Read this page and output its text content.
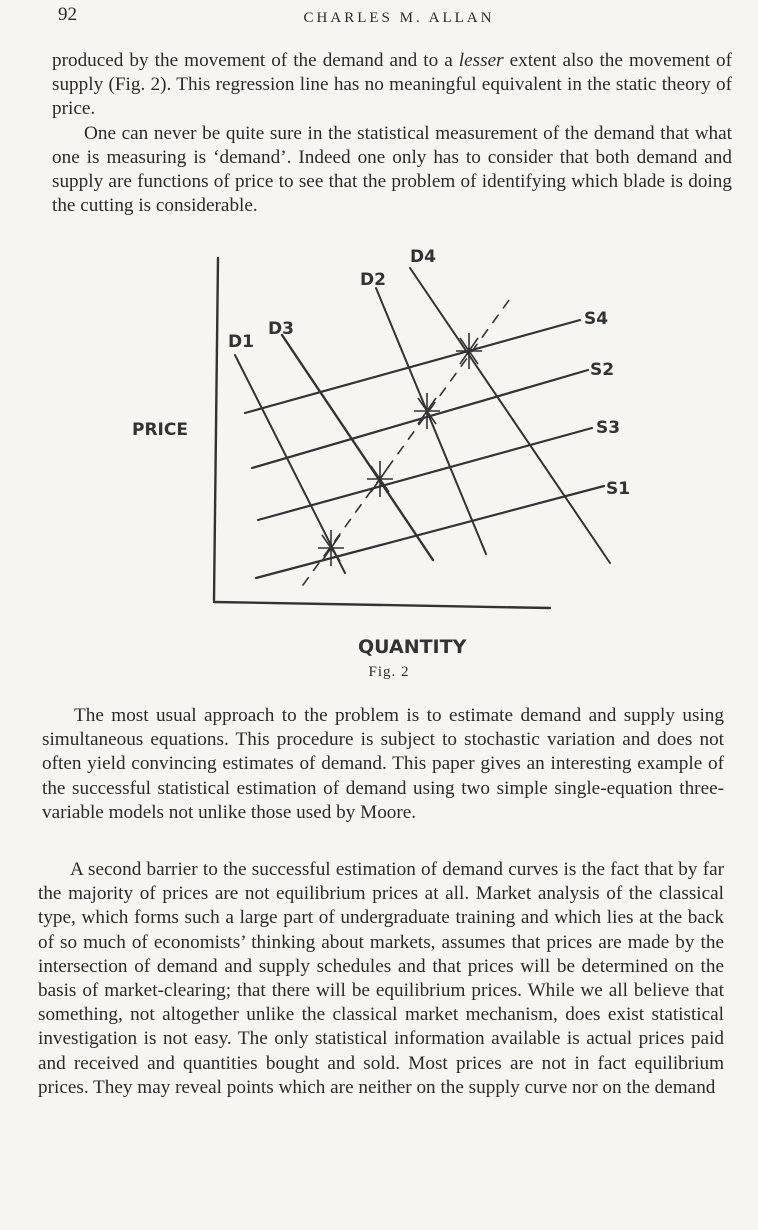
92	CHARLES M. ALLAN

produced by the movement of the demand and to a lesser extent also the movement of supply (Fig. 2). This regression line has no meaningful equivalent in the static theory of price.

One can never be quite sure in the statistical measurement of the demand that what one is measuring is ‘demand’. Indeed one only has to consider that both demand and supply are functions of price to see that the problem of identifying which blade is doing the cutting is considerable.

D1
D3
D2
D4
S4
S2
S3
S1
PRICE
QUANTITY
Fig. 2
The most usual approach to the problem is to estimate demand and supply using simultaneous equations. This procedure is subject to stochastic variation and does not often yield convincing estimates of demand. This paper gives an interesting example of the successful statistical estimation of demand using two simple single-equation three-variable models not unlike those used by Moore.
A second barrier to the successful estimation of demand curves is the fact that by far the majority of prices are not equilibrium prices at all. Market analysis of the classical type, which forms such a large part of undergraduate training and which lies at the back of so much of economists’ thinking about markets, assumes that prices are made by the intersection of demand and supply schedules and that prices will be determined on the basis of market-clearing; that there will be equilibrium prices. While we all believe that something, not altogether unlike the classical market mechanism, does exist statistical investigation is not easy. The only statistical information available is actual prices paid and received and quantities bought and sold. Most prices are not in fact equilibrium prices. They may reveal points which are neither on the supply curve nor on the demand
